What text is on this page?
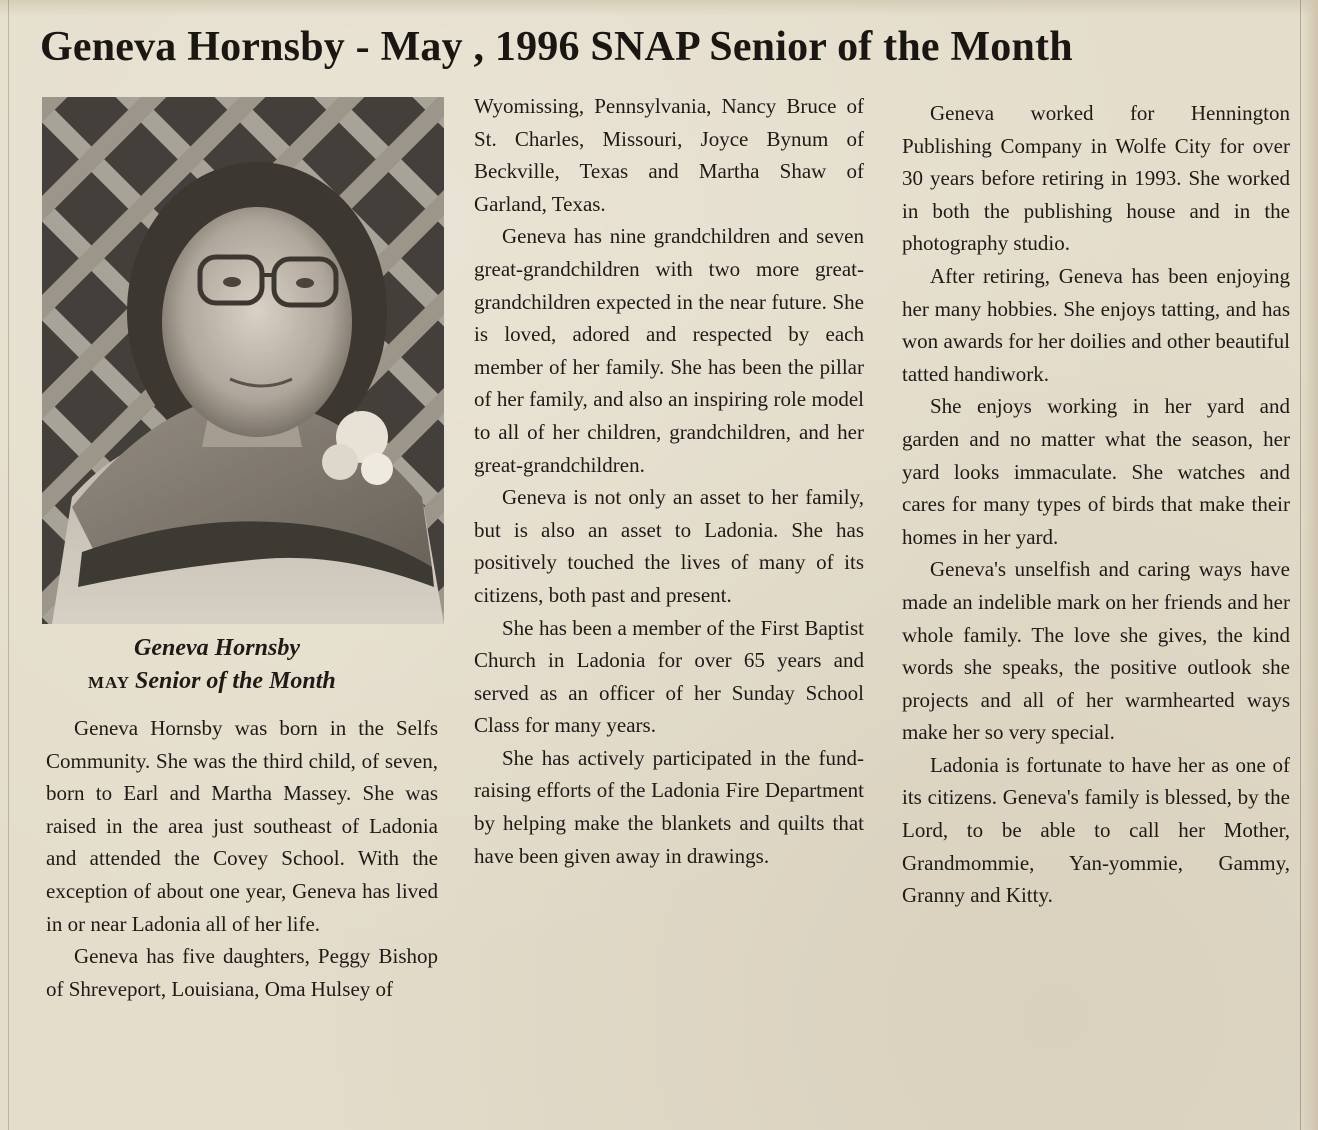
Geneva Hornsby - May , 1996 SNAP Senior of the Month
Geneva Hornsby
MAY Senior of the Month

Geneva Hornsby was born in the Selfs Community. She was the third child, of seven, born to Earl and Martha Massey. She was raised in the area just southeast of Ladonia and attended the Covey School. With the exception of about one year, Geneva has lived in or near Ladonia all of her life.

Geneva has five daughters, Peggy Bishop of Shreveport, Louisiana, Oma Hulsey of

Wyomissing, Pennsylvania, Nancy Bruce of St. Charles, Missouri, Joyce Bynum of Beckville, Texas and Martha Shaw of Garland, Texas.

Geneva has nine grandchildren and seven great-grandchildren with two more great-grandchildren expected in the near future. She is loved, adored and respected by each member of her family. She has been the pillar of her family, and also an inspiring role model to all of her children, grandchildren, and her great-grandchildren.

Geneva is not only an asset to her family, but is also an asset to Ladonia. She has positively touched the lives of many of its citizens, both past and present.

She has been a member of the First Baptist Church in Ladonia for over 65 years and served as an officer of her Sunday School Class for many years.

She has actively participated in the fund-raising efforts of the Ladonia Fire Department by helping make the blankets and quilts that have been given away in drawings.

Geneva worked for Hennington Publishing Company in Wolfe City for over 30 years before retiring in 1993. She worked in both the publishing house and in the photography studio.

After retiring, Geneva has been enjoying her many hobbies. She enjoys tatting, and has won awards for her doilies and other beautiful tatted handiwork.

She enjoys working in her yard and garden and no matter what the season, her yard looks immaculate. She watches and cares for many types of birds that make their homes in her yard.

Geneva's unselfish and caring ways have made an indelible mark on her friends and her whole family. The love she gives, the kind words she speaks, the positive outlook she projects and all of her warmhearted ways make her so very special.

Ladonia is fortunate to have her as one of its citizens. Geneva's family is blessed, by the Lord, to be able to call her Mother, Grandmommie, Yan-yommie, Gammy, Granny and Kitty.
